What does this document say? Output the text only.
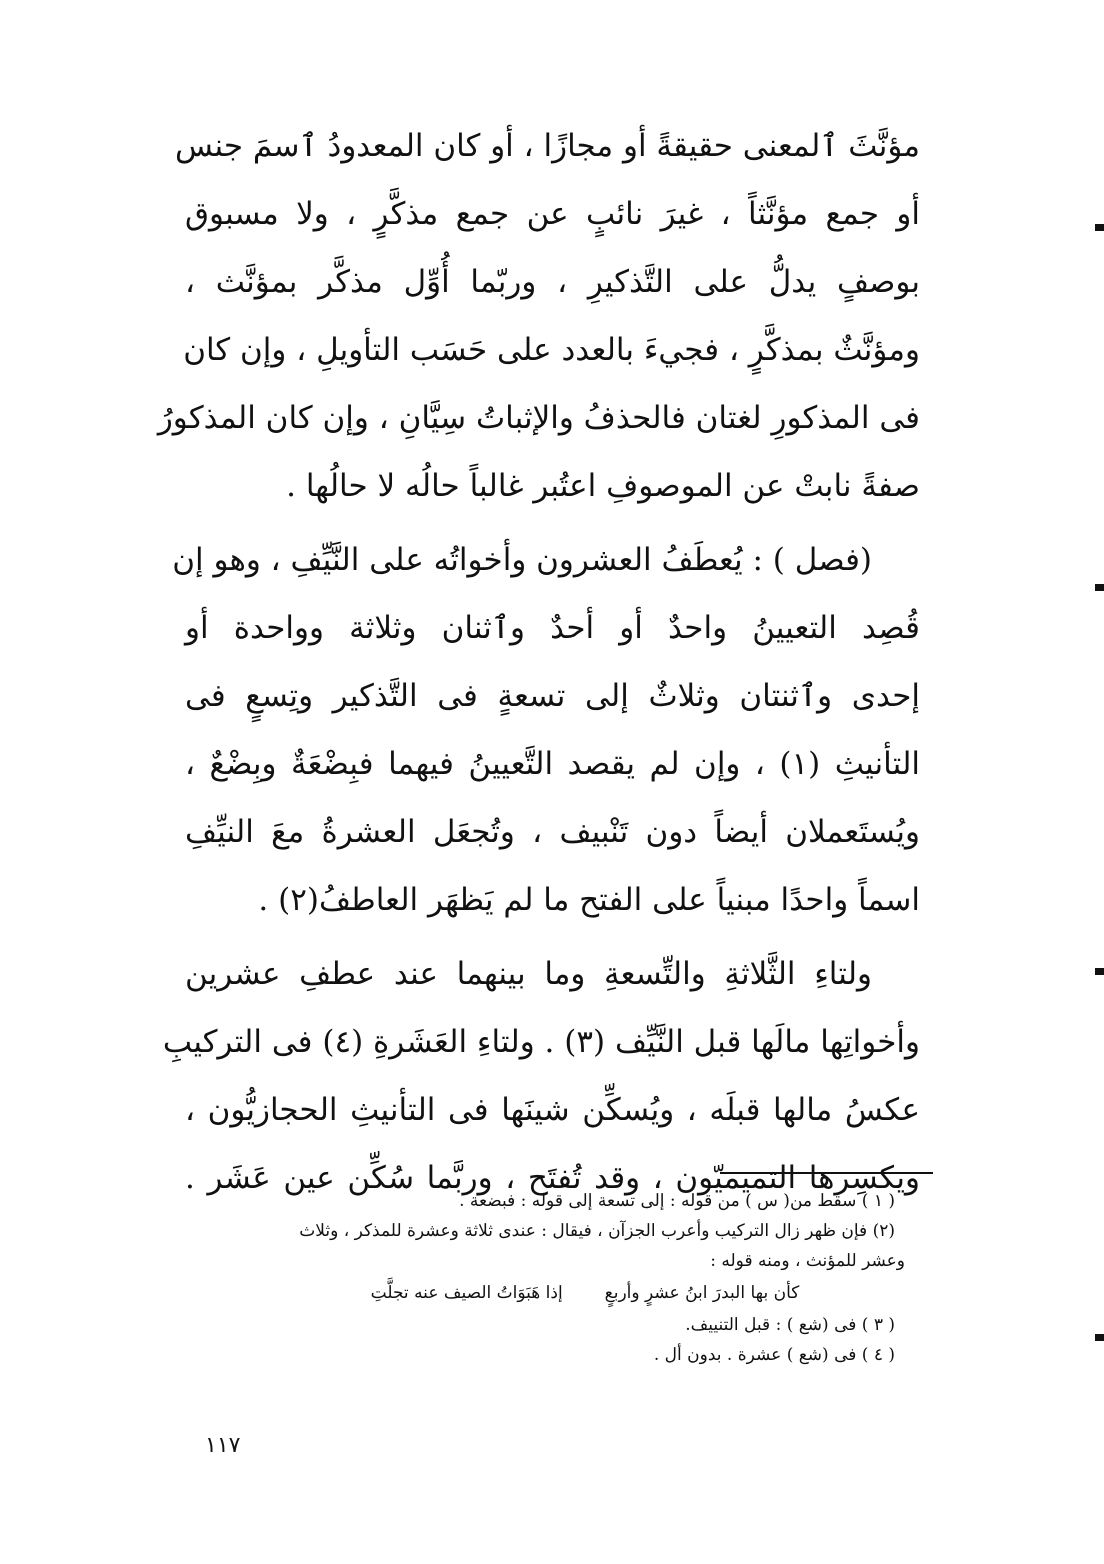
مؤنَّثَ ٱلمعنى حقيقةً أو مجازًا ، أو كان المعدودُ ٱسمَ جنس
أو جمع مؤنَّثاً ، غيرَ نائبٍ عن جمع مذكَّرٍ ، ولا مسبوق
بوصفٍ يدلُّ على التَّذكيرِ ، وربّما أُوِّل مذكَّر بمؤنَّث ،
ومؤنَّثٌ بمذكَّرٍ ، فجيءَ بالعدد على حَسَب التأويلِ ، وإن كان
فى المذكورِ لغتان فالحذفُ والإثباتُ سِيَّانِ ، وإن كان المذكورُ
صفةً نابتْ عن الموصوفِ اعتُبر غالباً حالُه لا حالُها .
(فصل ) : يُعطَفُ العشرون وأخواتُه على النَّيِّفِ ، وهو إن
قُصِد التعيينُ واحدٌ أو أحدٌ وٱثنان وثلاثة وواحدة أو
إحدى وٱثنتان وثلاثٌ إلى تسعةٍ فى التَّذكير وتِسعٍ فى
التأنيثِ (١) ، وإن لم يقصد التَّعيينُ فيهما فبِضْعَةٌ وبِضْعٌ ،
ويُستَعملان أيضاً دون تَنْبيف ، وتُجعَل العشرةُ معَ النيِّفِ
اسماً واحدًا مبنياً على الفتح ما لم يَظهَر العاطفُ(٢) .
ولتاءِ الثَّلاثةِ والتِّسعةِ وما بينهما عند عطفِ عشرين
وأخواتِها مالَها قبل النَّيِّف (٣) . ولتاءِ العَشَرةِ (٤) فى التركيبِ
عكسُ مالها قبلَه ، ويُسكِّن شينَها فى التأنيثِ الحجازيُّون ،
ويكسِرها التميميّون ، وقد تُفتَح ، وربَّما سُكِّن عين عَشَر .
( ١ ) سقط من( س ) من قوله : إلى تسعة إلى قوله : فبضعة .
(٢) فإن ظهر زال التركيب وأعرب الجزآن ، فيقال : عندى ثلاثة وعشرة للمذكر ، وثلاث
وعشر للمؤنث ، ومنه قوله :
كأن بها البدرَ ابنُ عشرٍ وأربعٍ
إذا هَبَوَاتُ الصيف عنه تجلَّتِ
( ٣ ) فى (شع ) : قبل التنييف.
( ٤ ) فى (شع ) عشرة . بدون أل .
١١٧
